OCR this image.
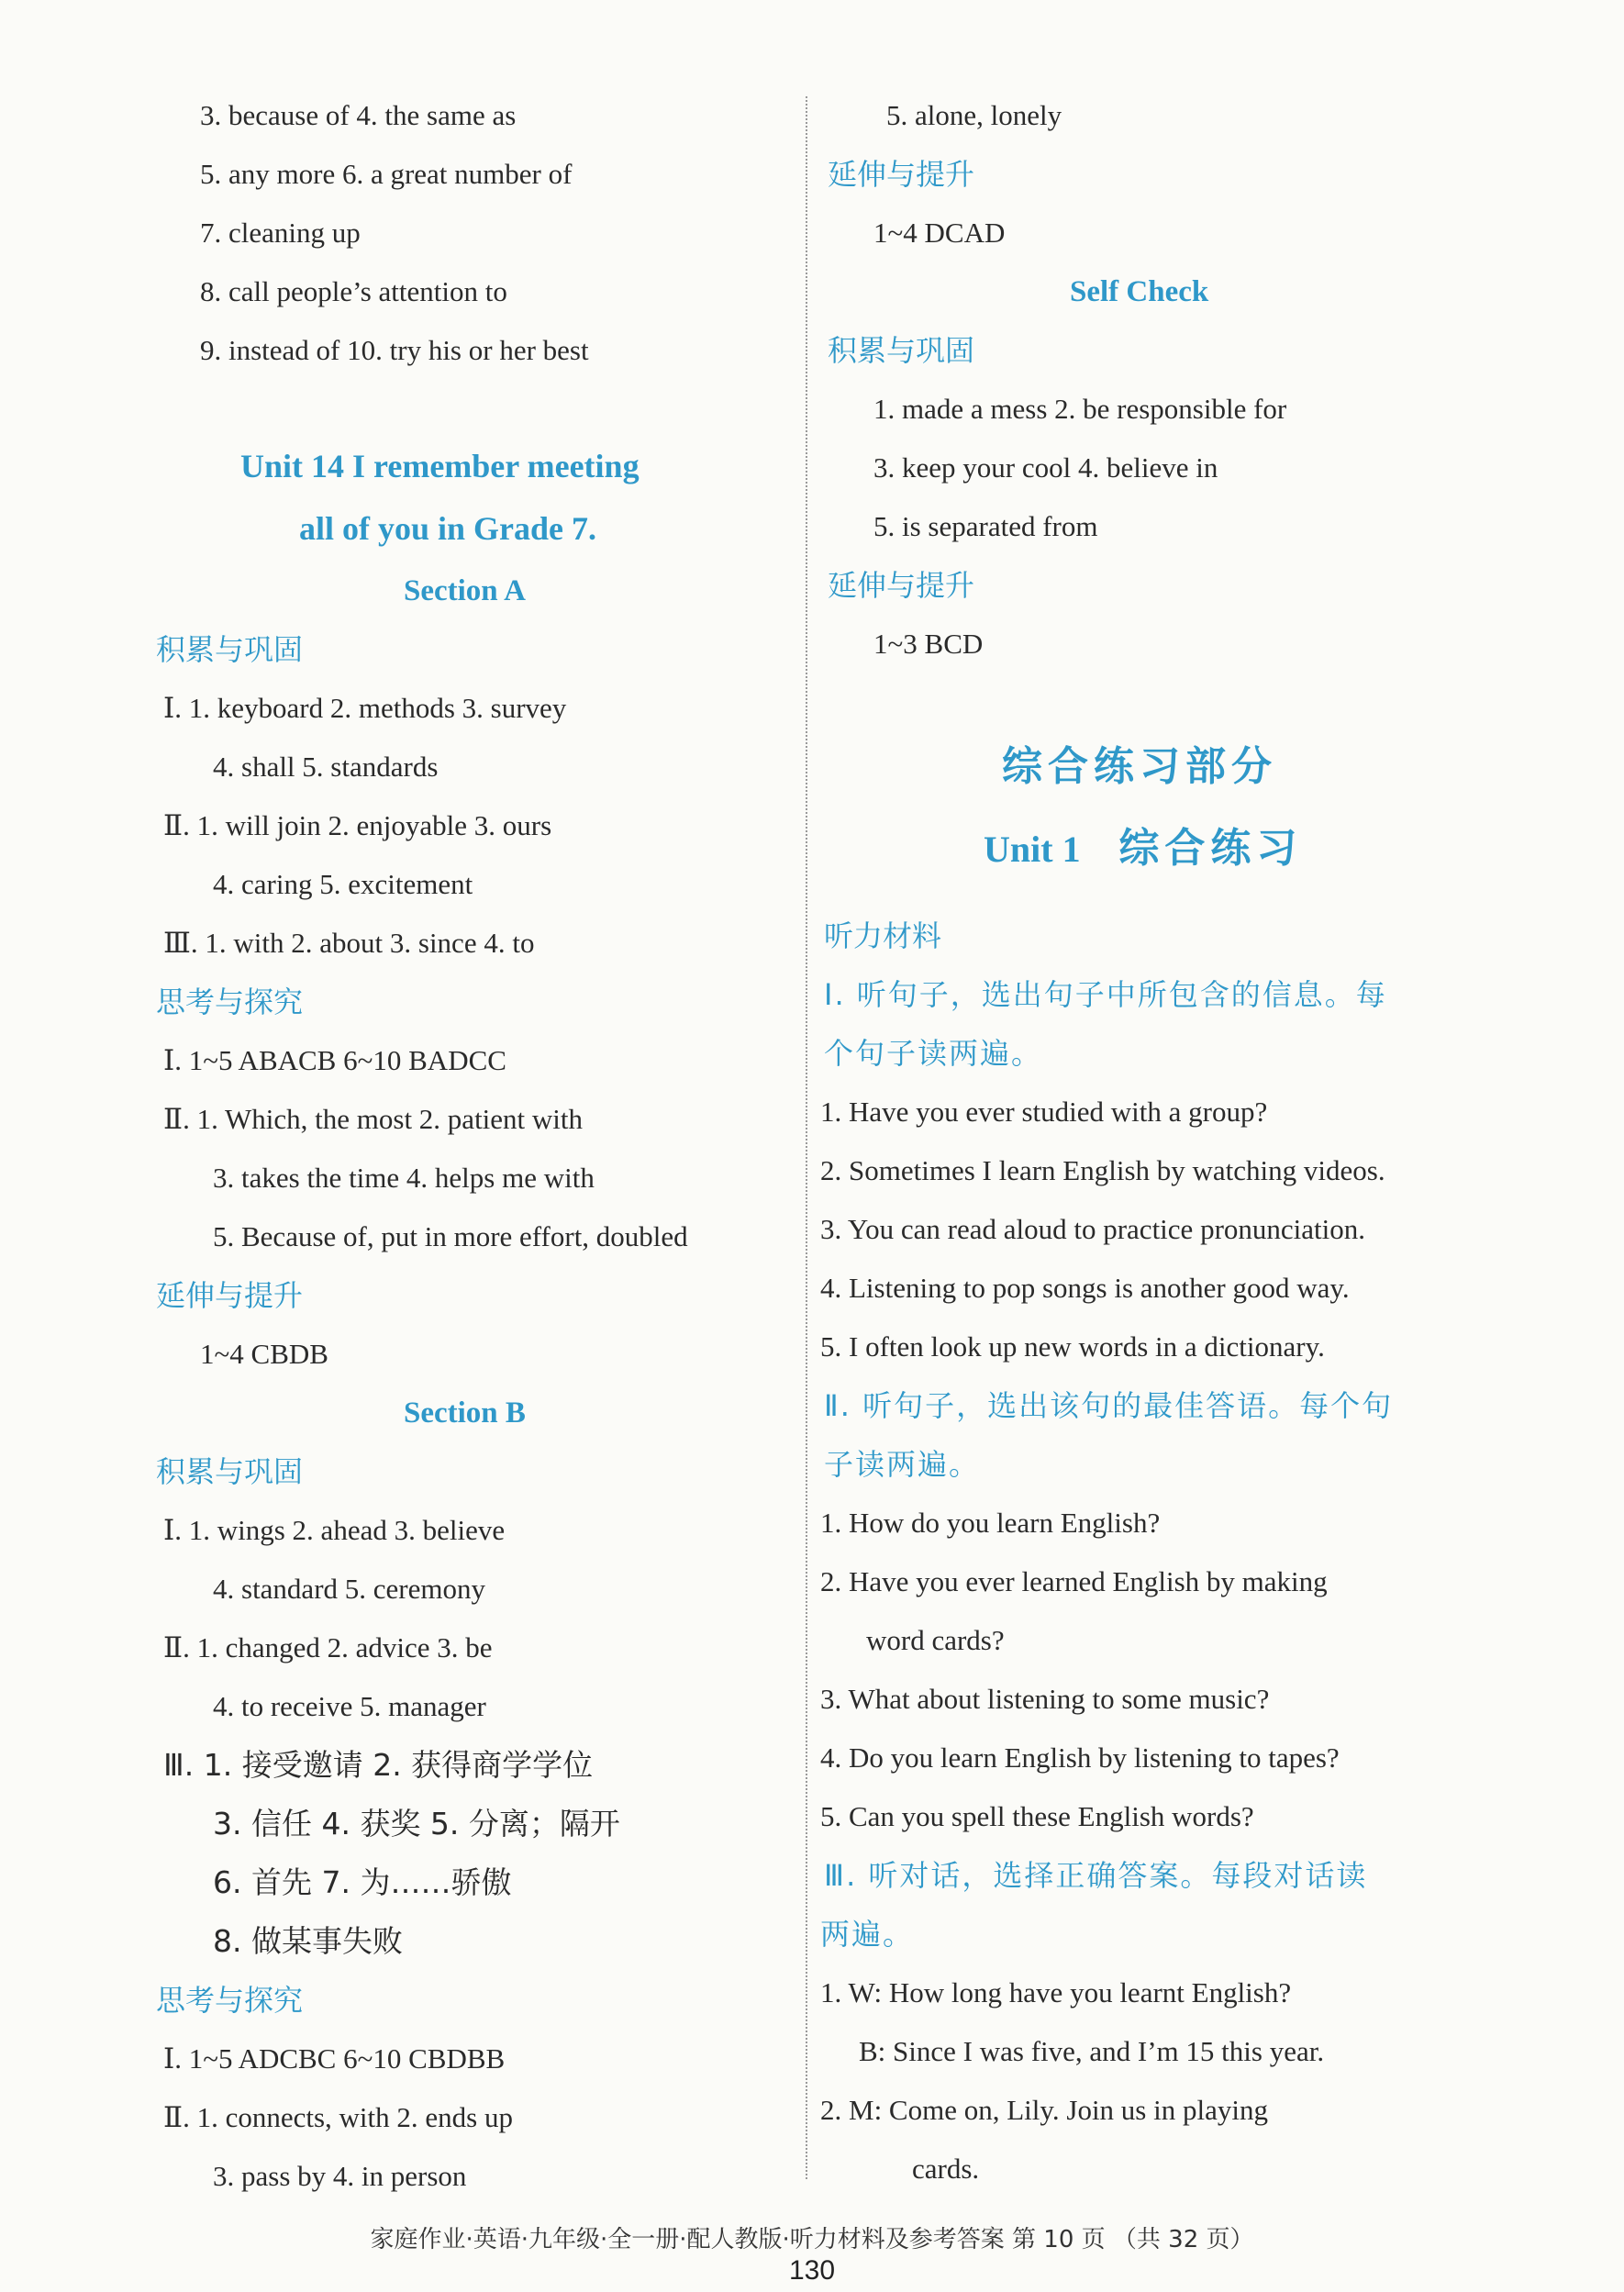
3. because of 4. the same as
5. any more 6. a great number of
7. cleaning up
8. call people’s attention to
9. instead of 10. try his or her best
Unit 14 I remember meeting
all of you in Grade 7.
Section A
积累与巩固
Ⅰ. 1. keyboard 2. methods 3. survey
4. shall 5. standards
Ⅱ. 1. will join 2. enjoyable 3. ours
4. caring 5. excitement
Ⅲ. 1. with 2. about 3. since 4. to
思考与探究
Ⅰ. 1~5 ABACB 6~10 BADCC
Ⅱ. 1. Which, the most 2. patient with
3. takes the time 4. helps me with
5. Because of, put in more effort, doubled
延伸与提升
1~4 CBDB
Section B
积累与巩固
Ⅰ. 1. wings 2. ahead 3. believe
4. standard 5. ceremony
Ⅱ. 1. changed 2. advice 3. be
4. to receive 5. manager
Ⅲ. 1. 接受邀请 2. 获得商学学位
3. 信任 4. 获奖 5. 分离；隔开
6. 首先 7. 为……骄傲
8. 做某事失败
思考与探究
Ⅰ. 1~5 ADCBC 6~10 CBDBB
Ⅱ. 1. connects, with 2. ends up
3. pass by 4. in person
5. alone, lonely
延伸与提升
1~4 DCAD
Self Check
积累与巩固
1. made a mess 2. be responsible for
3. keep your cool 4. believe in
5. is separated from
延伸与提升
1~3 BCD
综合练习部分
Unit 1 综合练习
听力材料
Ⅰ. 听句子，选出句子中所包含的信息。每
个句子读两遍。
1. Have you ever studied with a group?
2. Sometimes I learn English by watching videos.
3. You can read aloud to practice pronunciation.
4. Listening to pop songs is another good way.
5. I often look up new words in a dictionary.
Ⅱ. 听句子，选出该句的最佳答语。每个句
子读两遍。
1. How do you learn English?
2. Have you ever learned English by making
word cards?
3. What about listening to some music?
4. Do you learn English by listening to tapes?
5. Can you spell these English words?
Ⅲ. 听对话，选择正确答案。每段对话读
两遍。
1. W: How long have you learnt English?
B: Since I was five, and I’m 15 this year.
2. M: Come on, Lily. Join us in playing
cards.
家庭作业·英语·九年级·全一册·配人教版·听力材料及参考答案 第 10 页 （共 32 页）
130
